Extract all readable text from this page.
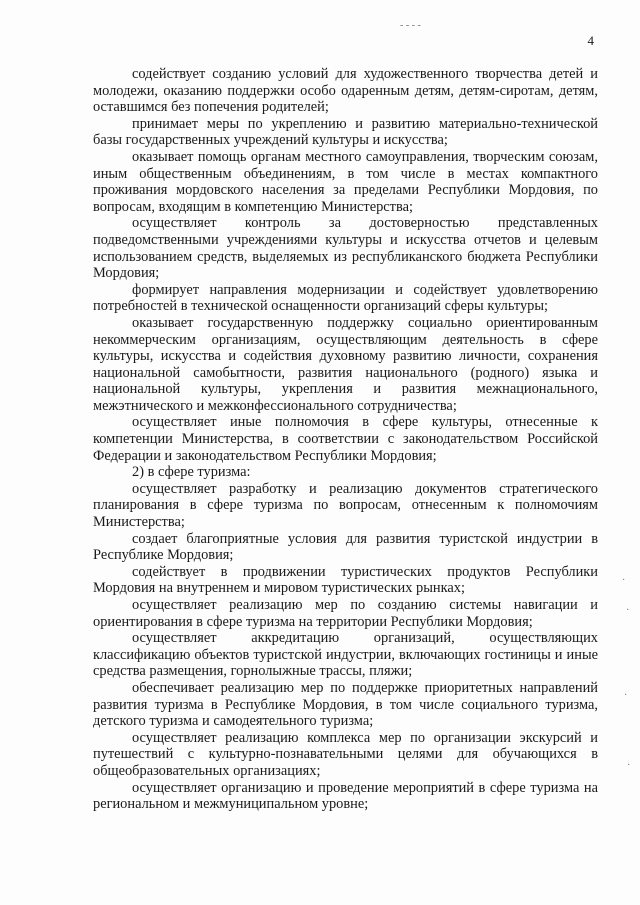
- - - -
·
·
·
·
4

содействует созданию условий для художественного творчества детей и молодежи, оказанию поддержки особо одаренным детям, детям-сиротам, детям, оставшимся без попечения родителей;

принимает меры по укреплению и развитию материально-технической базы государственных учреждений культуры и искусства;

оказывает помощь органам местного самоуправления, творческим союзам, иным общественным объединениям, в том числе в местах компактного проживания мордовского населения за пределами Республики Мордовия, по вопросам, входящим в компетенцию Министерства;

осуществляет контроль за достоверностью представленных подведомственными учреждениями культуры и искусства отчетов и целевым использованием средств, выделяемых из республиканского бюджета Республики Мордовия;

формирует направления модернизации и содействует удовлетворению потребностей в технической оснащенности организаций сферы культуры;

оказывает государственную поддержку социально ориентированным некоммерческим организациям, осуществляющим деятельность в сфере культуры, искусства и содействия духовному развитию личности, сохранения национальной самобытности, развития национального (родного) языка и национальной культуры, укрепления и развития межнационального, межэтнического и межконфессионального сотрудничества;

осуществляет иные полномочия в сфере культуры, отнесенные к компетенции Министерства, в соответствии с законодательством Российской Федерации и законодательством Республики Мордовия;

2) в сфере туризма:

осуществляет разработку и реализацию документов стратегического планирования в сфере туризма по вопросам, отнесенным к полномочиям Министерства;

создает благоприятные условия для развития туристской индустрии в Республике Мордовия;

содействует в продвижении туристических продуктов Республики Мордовия на внутреннем и мировом туристических рынках;

осуществляет реализацию мер по созданию системы навигации и ориентирования в сфере туризма на территории Республики Мордовия;

осуществляет аккредитацию организаций, осуществляющих классификацию объектов туристской индустрии, включающих гостиницы и иные средства размещения, горнолыжные трассы, пляжи;

обеспечивает реализацию мер по поддержке приоритетных направлений развития туризма в Республике Мордовия, в том числе социального туризма, детского туризма и самодеятельного туризма;

осуществляет реализацию комплекса мер по организации экскурсий и путешествий с культурно-познавательными целями для обучающихся в общеобразовательных организациях;

осуществляет организацию и проведение мероприятий в сфере туризма на региональном и межмуниципальном уровне;
